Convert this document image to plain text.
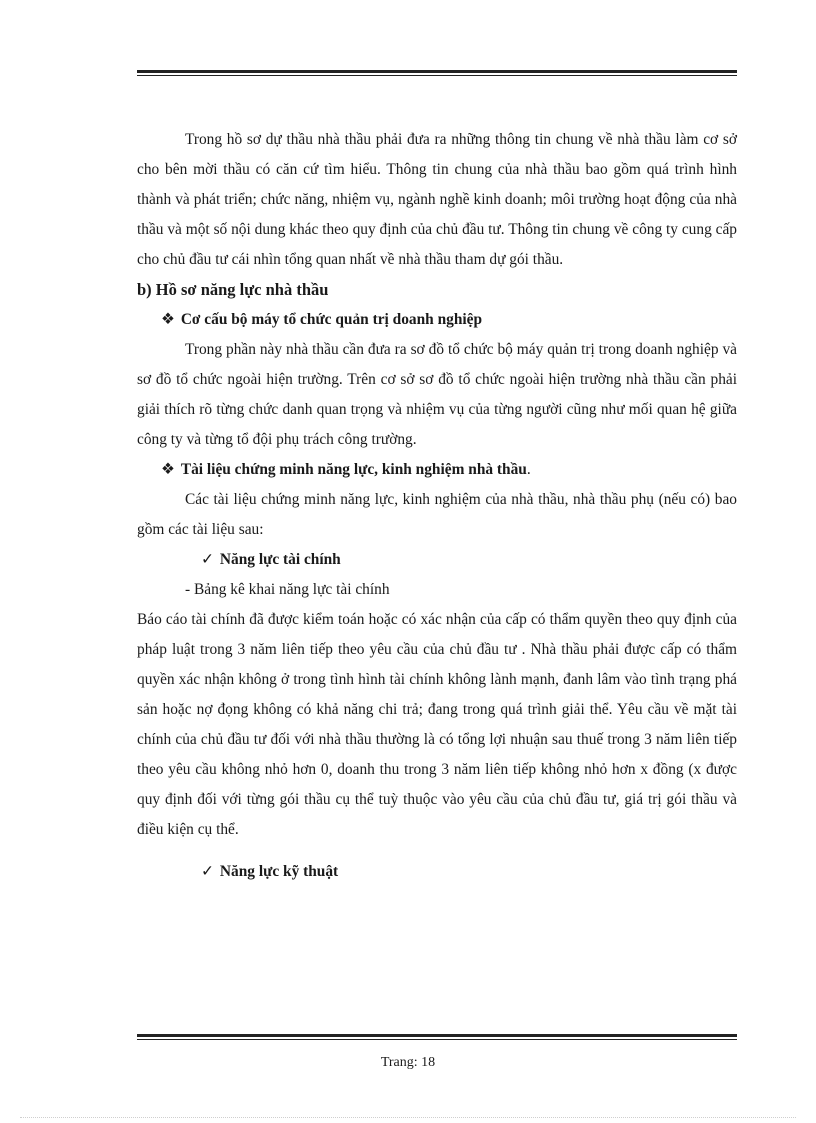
Trong hồ sơ dự thầu nhà thầu phải đưa ra những thông tin chung về nhà thầu làm cơ sở cho bên mời thầu có căn cứ tìm hiểu. Thông tin chung của nhà thầu bao gồm quá trình hình thành và phát triển; chức năng, nhiệm vụ, ngành nghề kinh doanh; môi trường hoạt động của nhà thầu và một số nội dung khác theo quy định của chủ đầu tư. Thông tin chung về công ty cung cấp cho chủ đầu tư cái nhìn tổng quan nhất về nhà thầu tham dự gói thầu.

b) Hồ sơ năng lực nhà thầu

❖ Cơ cấu bộ máy tổ chức quản trị doanh nghiệp

Trong phần này nhà thầu cần đưa ra sơ đồ tổ chức bộ máy quản trị trong doanh nghiệp và sơ đồ tổ chức ngoài hiện trường. Trên cơ sở sơ đồ tổ chức ngoài hiện trường nhà thầu cần phải giải thích rõ từng chức danh quan trọng và nhiệm vụ của từng người cũng như mối quan hệ giữa công ty và từng tổ đội phụ trách công trường.

❖ Tài liệu chứng minh năng lực, kinh nghiệm nhà thầu.

Các tài liệu chứng minh năng lực, kinh nghiệm của nhà thầu, nhà thầu phụ (nếu có) bao gồm các tài liệu sau:

✓ Năng lực tài chính

- Bảng kê khai năng lực tài chính

Báo cáo tài chính đã được kiểm toán hoặc có xác nhận của cấp có thẩm quyền theo quy định của pháp luật trong 3 năm liên tiếp theo yêu cầu của chủ đầu tư . Nhà thầu phải được cấp có thẩm quyền xác nhận không ở trong tình hình tài chính không lành mạnh, đanh lâm vào tình trạng phá sản hoặc nợ đọng không có khả năng chi trả; đang trong quá trình giải thể. Yêu cầu về mặt tài chính của chủ đầu tư đối với nhà thầu thường là có tổng lợi nhuận sau thuế trong 3 năm liên tiếp theo yêu cầu không nhỏ hơn 0, doanh thu trong 3 năm liên tiếp không nhỏ hơn x đồng (x được quy định đối với từng gói thầu cụ thể tuỳ thuộc vào yêu cầu của chủ đầu tư, giá trị gói thầu và điều kiện cụ thể.

✓ Năng lực kỹ thuật

Trang: 18
